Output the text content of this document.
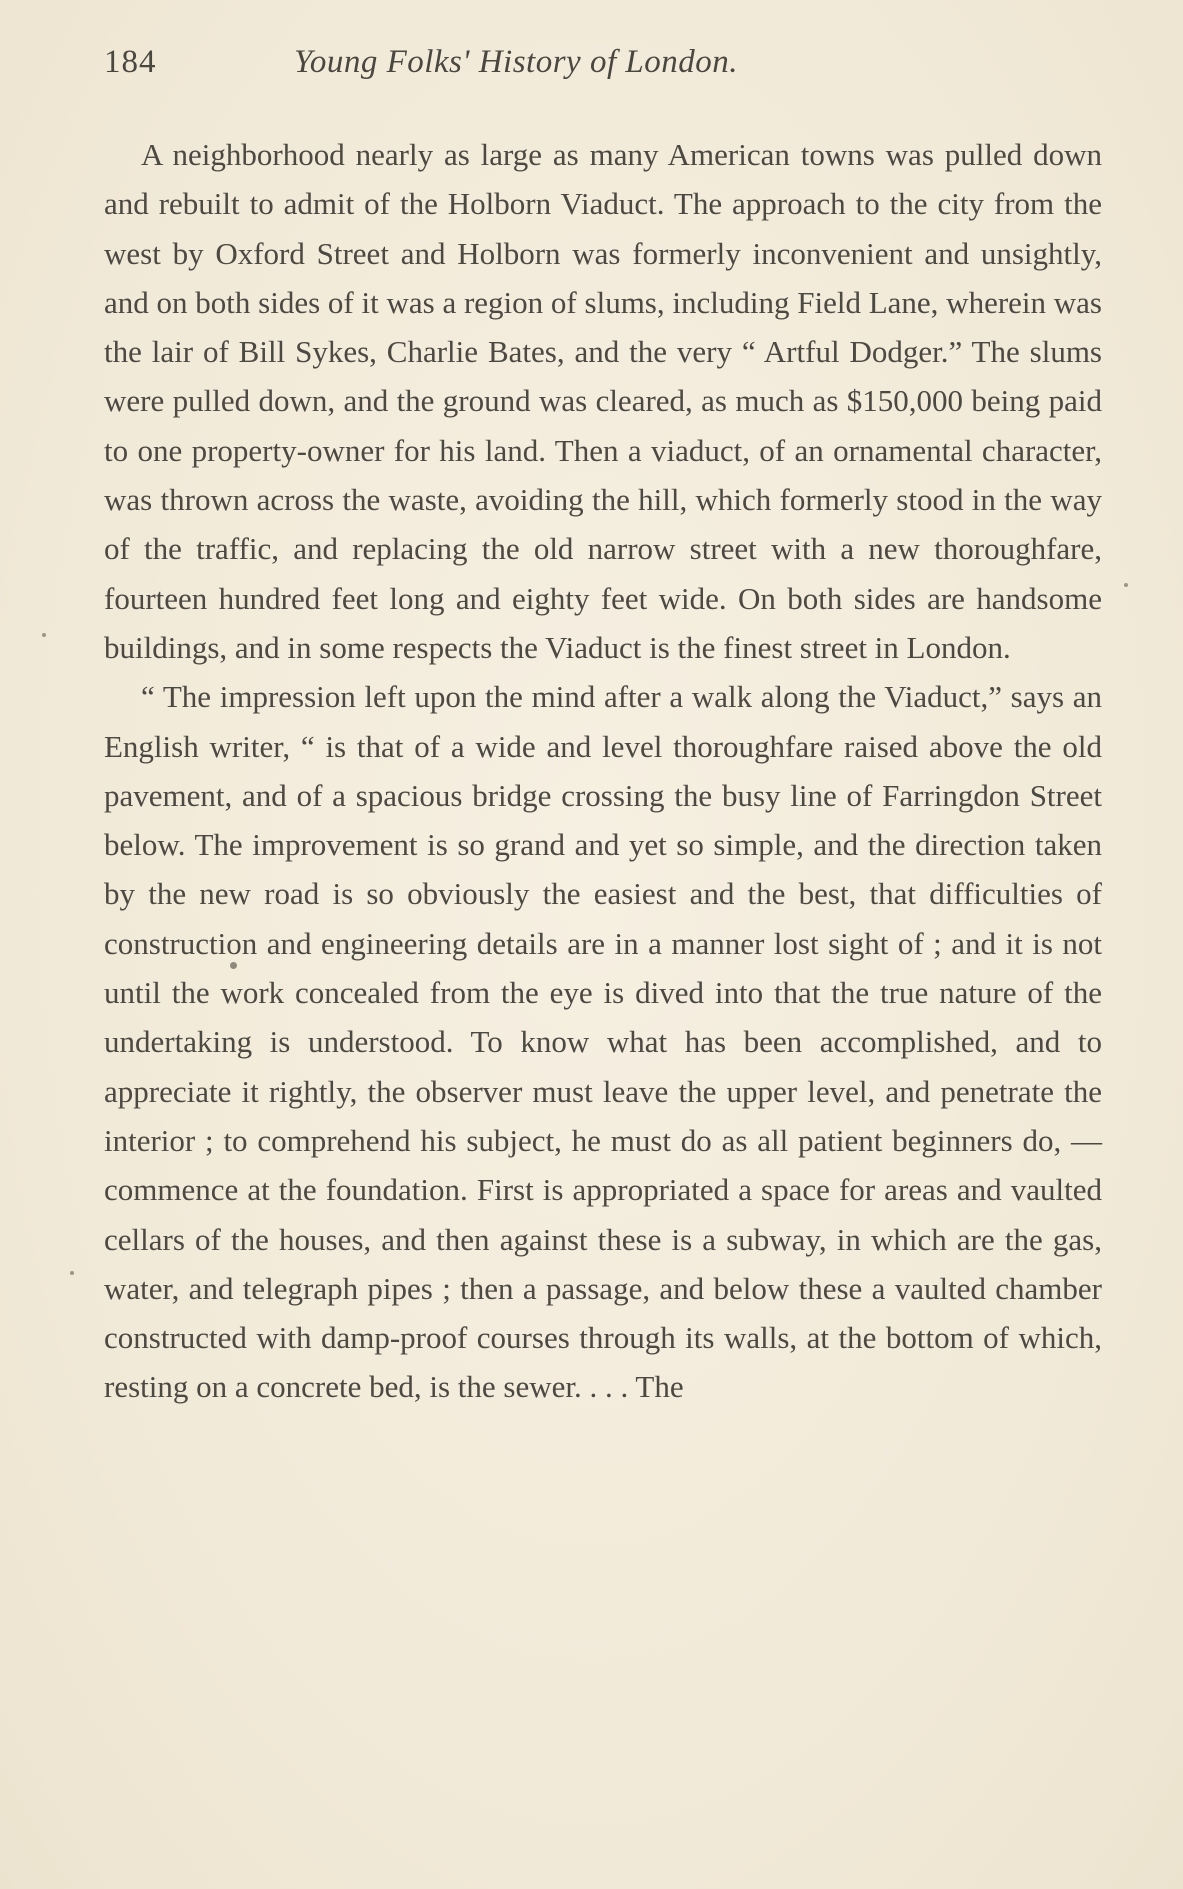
184	Young Folks' History of London.

A neighborhood nearly as large as many American towns was pulled down and rebuilt to admit of the Holborn Viaduct. The approach to the city from the west by Oxford Street and Holborn was formerly inconvenient and unsightly, and on both sides of it was a region of slums, including Field Lane, wherein was the lair of Bill Sykes, Charlie Bates, and the very “ Artful Dodger.” The slums were pulled down, and the ground was cleared, as much as $150,000 being paid to one property-owner for his land. Then a viaduct, of an ornamental character, was thrown across the waste, avoiding the hill, which formerly stood in the way of the traffic, and replacing the old narrow street with a new thoroughfare, fourteen hundred feet long and eighty feet wide. On both sides are handsome buildings, and in some respects the Viaduct is the finest street in London.

“ The impression left upon the mind after a walk along the Viaduct,” says an English writer, “ is that of a wide and level thoroughfare raised above the old pavement, and of a spacious bridge crossing the busy line of Farringdon Street below. The improvement is so grand and yet so simple, and the direction taken by the new road is so obviously the easiest and the best, that difficulties of construction and engineering details are in a manner lost sight of ; and it is not until the work concealed from the eye is dived into that the true nature of the undertaking is understood. To know what has been accomplished, and to appreciate it rightly, the observer must leave the upper level, and penetrate the interior ; to comprehend his subject, he must do as all patient beginners do, — commence at the foundation. First is appropriated a space for areas and vaulted cellars of the houses, and then against these is a subway, in which are the gas, water, and telegraph pipes ; then a passage, and below these a vaulted chamber constructed with damp-proof courses through its walls, at the bottom of which, resting on a concrete bed, is the sewer. . . . The
